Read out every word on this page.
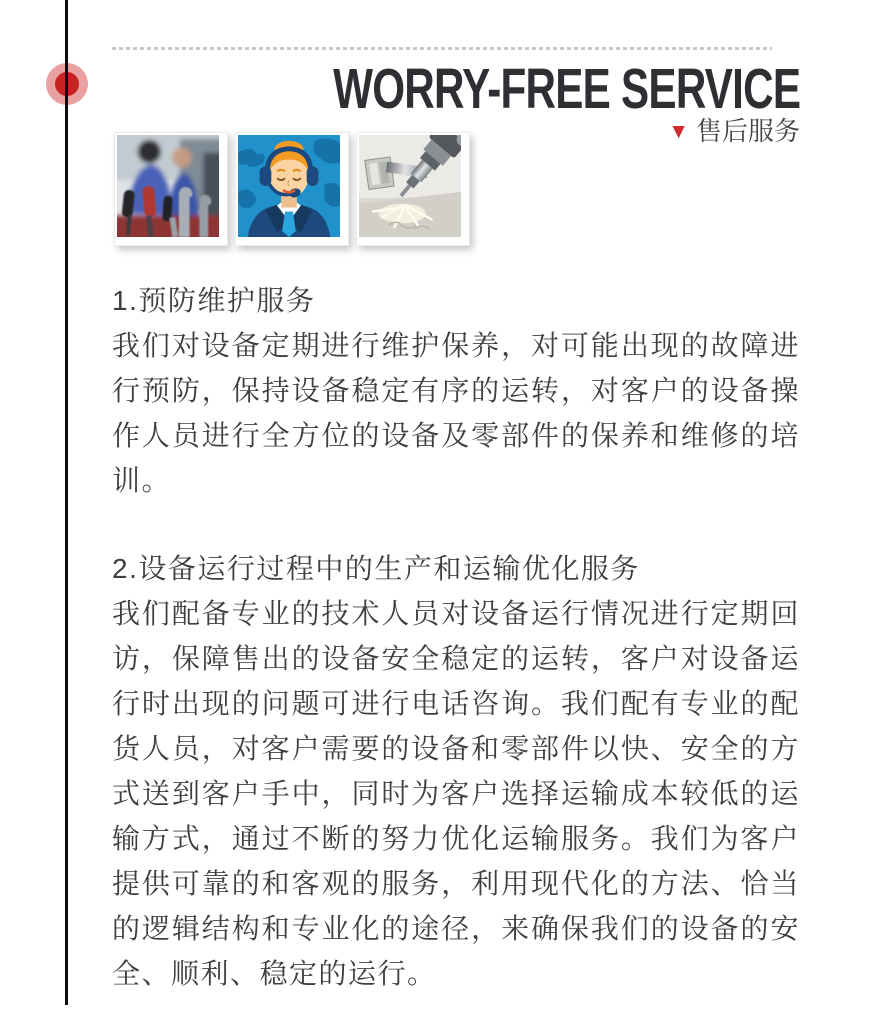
WORRY-FREE SERVICE
▼ 售后服务
1.预防维护服务

我们对设备定期进行维护保养，对可能出现的故障进行预防，保持设备稳定有序的运转，对客户的设备操作人员进行全方位的设备及零部件的保养和维修的培训。

2.设备运行过程中的生产和运输优化服务

我们配备专业的技术人员对设备运行情况进行定期回访，保障售出的设备安全稳定的运转，客户对设备运行时出现的问题可进行电话咨询。我们配有专业的配货人员，对客户需要的设备和零部件以快、安全的方式送到客户手中，同时为客户选择运输成本较低的运输方式，通过不断的努力优化运输服务。我们为客户提供可靠的和客观的服务，利用现代化的方法、恰当的逻辑结构和专业化的途径，来确保我们的设备的安全、顺利、稳定的运行。
